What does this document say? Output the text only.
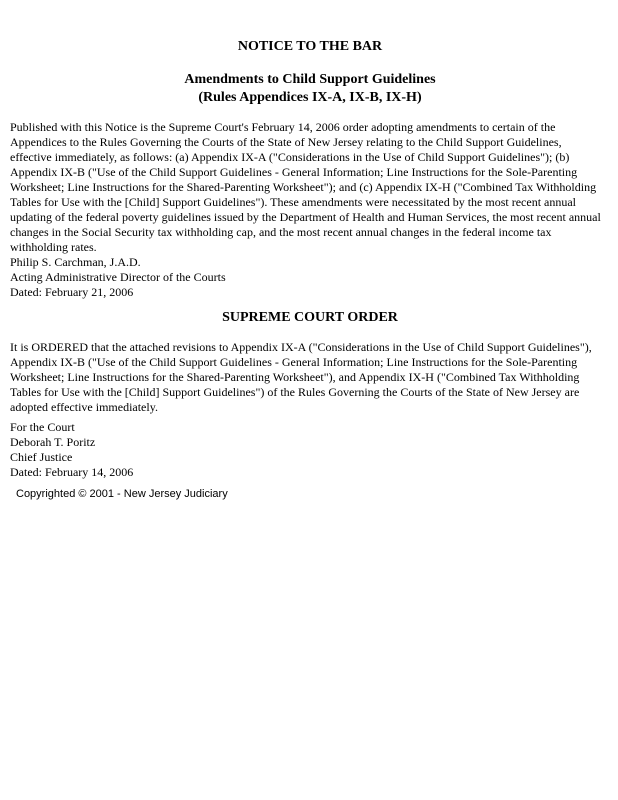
NOTICE TO THE BAR
Amendments to Child Support Guidelines
(Rules Appendices IX-A, IX-B, IX-H)
Published with this Notice is the Supreme Court's February 14, 2006 order adopting amendments to certain of the
Appendices to the Rules Governing the Courts of the State of New Jersey relating to the Child Support Guidelines,
effective immediately, as follows: (a) Appendix IX-A ("Considerations in the Use of Child Support Guidelines"); (b)
Appendix IX-B ("Use of the Child Support Guidelines - General Information; Line Instructions for the Sole-Parenting
Worksheet; Line Instructions for the Shared-Parenting Worksheet"); and (c) Appendix IX-H ("Combined Tax Withholding
Tables for Use with the [Child] Support Guidelines"). These amendments were necessitated by the most recent annual
updating of the federal poverty guidelines issued by the Department of Health and Human Services, the most recent annual
changes in the Social Security tax withholding cap, and the most recent annual changes in the federal income tax
withholding rates.
Philip S. Carchman, J.A.D.
Acting Administrative Director of the Courts
Dated: February 21, 2006
SUPREME COURT ORDER
It is ORDERED that the attached revisions to Appendix IX-A ("Considerations in the Use of Child Support Guidelines"),
Appendix IX-B ("Use of the Child Support Guidelines - General Information; Line Instructions for the Sole-Parenting
Worksheet; Line Instructions for the Shared-Parenting Worksheet"), and Appendix IX-H ("Combined Tax Withholding
Tables for Use with the [Child] Support Guidelines") of the Rules Governing the Courts of the State of New Jersey are
adopted effective immediately.
For the Court
Deborah T. Poritz
Chief Justice
Dated: February 14, 2006
Copyrighted © 2001 - New Jersey Judiciary
